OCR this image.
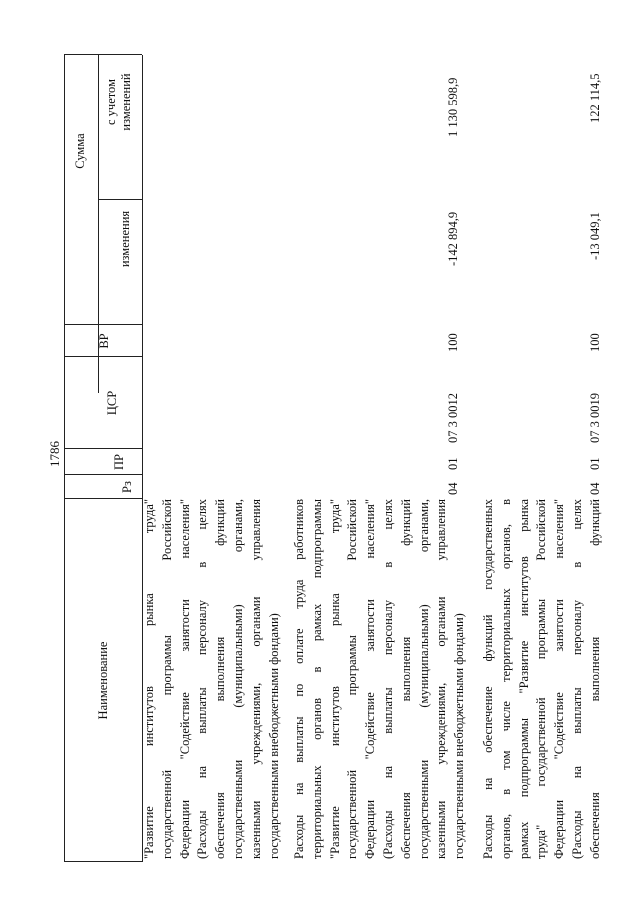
1786
Наименование
Рз
ПР
ЦСР
ВР
Сумма
изменения
с учетом изменений
"Развитие институтов рынка труда" государственной программы Российской Федерации "Содействие занятости населения" (Расходы на выплаты персоналу в целях обеспечения выполнения функций государственными (муниципальными) органами, казенными учреждениями, органами управления государственными внебюджетными фондами) Расходы на выплаты по оплате труда работников территориальных органов в рамках подпрограммы "Развитие институтов рынка труда" государственной программы Российской Федерации "Содействие занятости населения" (Расходы на выплаты персоналу в целях обеспечения выполнения функций государственными (муниципальными) органами, казенными учреждениями, органами управления государственными внебюджетными фондами)
04
01
07 3 0012
100
-142 894,9
1 130 598,9
Расходы на обеспечение функций государственных органов, в том числе территориальных органов, в рамках подпрограммы "Развитие институтов рынка труда" государственной программы Российской Федерации "Содействие занятости населения" (Расходы на выплаты персоналу в целях обеспечения выполнения функций
04
01
07 3 0019
100
-13 049,1
122 114,5
